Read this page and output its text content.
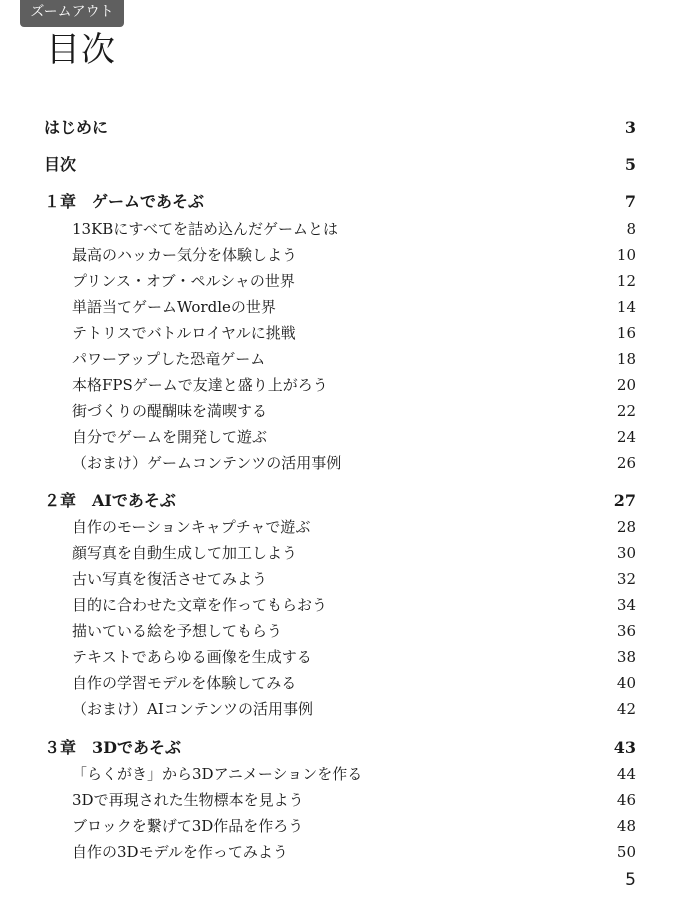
ズームアウト
目次
はじめに	3
目次	5
１章　ゲームであそぶ	7
13KBにすべてを詰め込んだゲームとは	8
最高のハッカー気分を体験しよう	10
プリンス・オブ・ペルシャの世界	12
単語当てゲームWordleの世界	14
テトリスでバトルロイヤルに挑戦	16
パワーアップした恐竜ゲーム	18
本格FPSゲームで友達と盛り上がろう	20
街づくりの醍醐味を満喫する	22
自分でゲームを開発して遊ぶ	24
（おまけ）ゲームコンテンツの活用事例	26
２章　AIであそぶ	27
自作のモーションキャプチャで遊ぶ	28
顔写真を自動生成して加工しよう	30
古い写真を復活させてみよう	32
目的に合わせた文章を作ってもらおう	34
描いている絵を予想してもらう	36
テキストであらゆる画像を生成する	38
自作の学習モデルを体験してみる	40
（おまけ）AIコンテンツの活用事例	42
３章　3Dであそぶ	43
「らくがき」から3Dアニメーションを作る	44
3Dで再現された生物標本を見よう	46
ブロックを繋げて3D作品を作ろう	48
自作の3Dモデルを作ってみよう	50
5
